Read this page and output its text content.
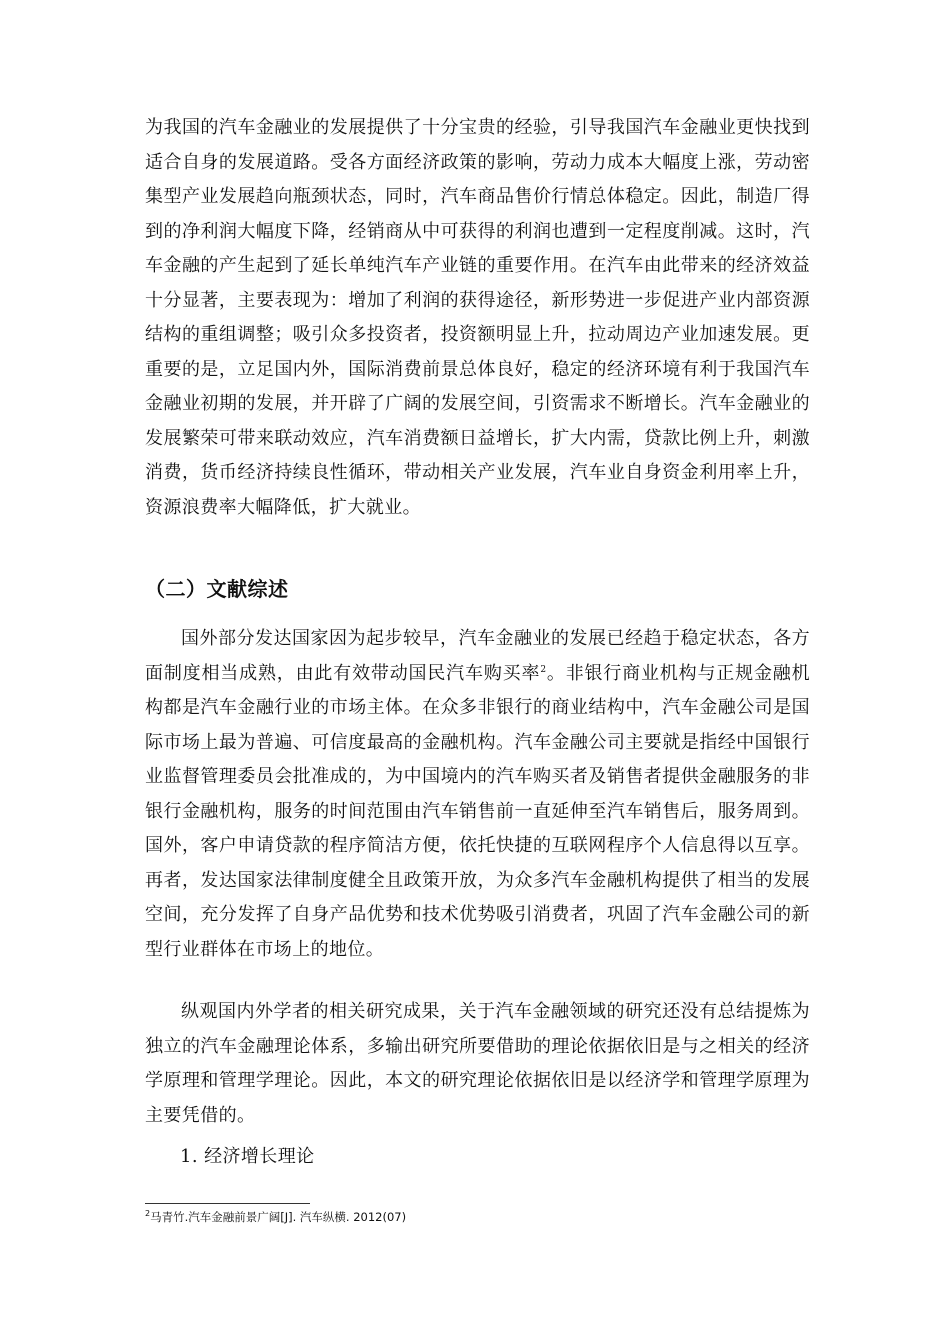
为我国的汽车金融业的发展提供了十分宝贵的经验，引导我国汽车金融业更快找到适合自身的发展道路。受各方面经济政策的影响，劳动力成本大幅度上涨，劳动密集型产业发展趋向瓶颈状态，同时，汽车商品售价行情总体稳定。因此，制造厂得到的净利润大幅度下降，经销商从中可获得的利润也遭到一定程度削减。这时，汽车金融的产生起到了延长单纯汽车产业链的重要作用。在汽车由此带来的经济效益十分显著，主要表现为：增加了利润的获得途径，新形势进一步促进产业内部资源结构的重组调整；吸引众多投资者，投资额明显上升，拉动周边产业加速发展。更重要的是，立足国内外，国际消费前景总体良好，稳定的经济环境有利于我国汽车金融业初期的发展，并开辟了广阔的发展空间，引资需求不断增长。汽车金融业的发展繁荣可带来联动效应，汽车消费额日益增长，扩大内需，贷款比例上升，刺激消费，货币经济持续良性循环，带动相关产业发展，汽车业自身资金利用率上升，资源浪费率大幅降低，扩大就业。

（二）文献综述

国外部分发达国家因为起步较早，汽车金融业的发展已经趋于稳定状态，各方面制度相当成熟，由此有效带动国民汽车购买率$^2$。非银行商业机构与正规金融机构都是汽车金融行业的市场主体。在众多非银行的商业结构中，汽车金融公司是国际市场上最为普遍、可信度最高的金融机构。汽车金融公司主要就是指经中国银行业监督管理委员会批准成的，为中国境内的汽车购买者及销售者提供金融服务的非银行金融机构，服务的时间范围由汽车销售前一直延伸至汽车销售后，服务周到。国外，客户申请贷款的程序简洁方便，依托快捷的互联网程序个人信息得以互享。再者，发达国家法律制度健全且政策开放，为众多汽车金融机构提供了相当的发展空间，充分发挥了自身产品优势和技术优势吸引消费者，巩固了汽车金融公司的新型行业群体在市场上的地位。

纵观国内外学者的相关研究成果，关于汽车金融领域的研究还没有总结提炼为独立的汽车金融理论体系，多输出研究所要借助的理论依据依旧是与之相关的经济学原理和管理学理论。因此，本文的研究理论依据依旧是以经济学和管理学原理为主要凭借的。

1. 经济增长理论
$^2$马青竹.汽车金融前景广阔[J]. 汽车纵横. 2012(07)
